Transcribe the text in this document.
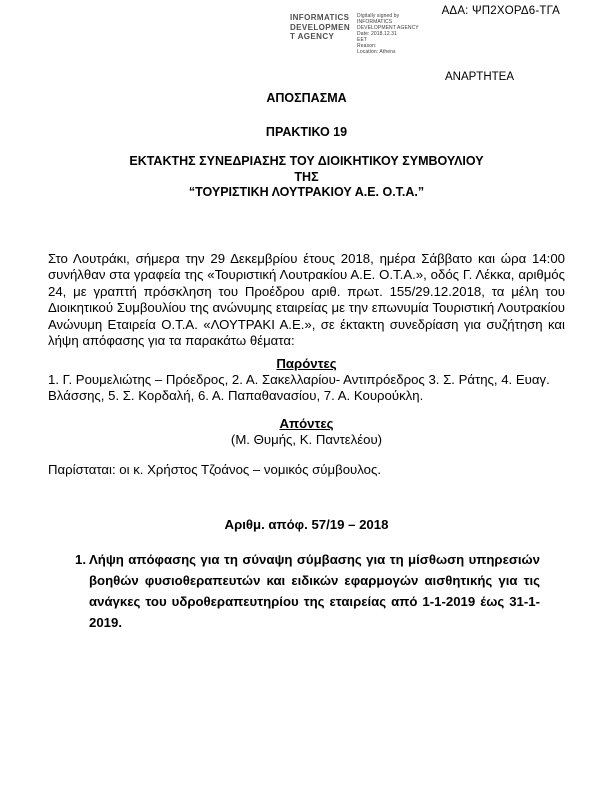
ΑΔΑ: ΨΠ2ΧΟΡΔ6-ΤΓΑ
INFORMATICS
DEVELOPMEN
T AGENCY
Digitally signed by
INFORMATICS
DEVELOPMENT AGENCY
Date: 2018.12.31
EET
Reason:
Location: Athens
ΑΝΑΡΤΗΤΕΑ
ΑΠΟΣΠΑΣΜΑ
ΠΡΑΚΤΙΚΟ 19
ΕΚΤΑΚΤΗΣ ΣΥΝΕΔΡΙΑΣΗΣ ΤΟΥ ΔΙΟΙΚΗΤΙΚΟΥ ΣΥΜΒΟΥΛΙΟΥ
ΤΗΣ
“ΤΟΥΡΙΣΤΙΚΗ ΛΟΥΤΡΑΚΙΟΥ Α.Ε. Ο.Τ.Α.”
Στο Λουτράκι, σήμερα την 29 Δεκεμβρίου έτους 2018, ημέρα Σάββατο και ώρα 14:00 συνήλθαν στα γραφεία της «Τουριστική Λουτρακίου Α.Ε. Ο.Τ.Α.», οδός Γ. Λέκκα, αριθμός 24, με γραπτή πρόσκληση του Προέδρου αριθ. πρωτ. 155/29.12.2018, τα μέλη του Διοικητικού Συμβουλίου της ανώνυμης εταιρείας με την επωνυμία Τουριστική Λουτρακίου Ανώνυμη Εταιρεία Ο.Τ.Α. «ΛΟΥΤΡΑΚΙ Α.Ε.», σε έκτακτη συνεδρίαση για συζήτηση και λήψη απόφασης για τα παρακάτω θέματα:
Παρόντες
1. Γ. Ρουμελιώτης – Πρόεδρος, 2. Α. Σακελλαρίου- Αντιπρόεδρος 3. Σ. Ράτης, 4. Ευαγ. Βλάσσης, 5. Σ. Κορδαλή, 6. Α. Παπαθανασίου, 7. Α. Κουρούκλη.
Απόντες
(Μ. Θυμής, Κ. Παντελέου)
Παρίσταται: οι κ. Χρήστος Τζοάνος – νομικός σύμβουλος.
Αριθμ. απόφ. 57/19 – 2018
1. Λήψη απόφασης για τη σύναψη σύμβασης για τη μίσθωση υπηρεσιών βοηθών φυσιοθεραπευτών και ειδικών εφαρμογών αισθητικής για τις ανάγκες του υδροθεραπευτηρίου της εταιρείας από 1-1-2019 έως 31-1-2019.
